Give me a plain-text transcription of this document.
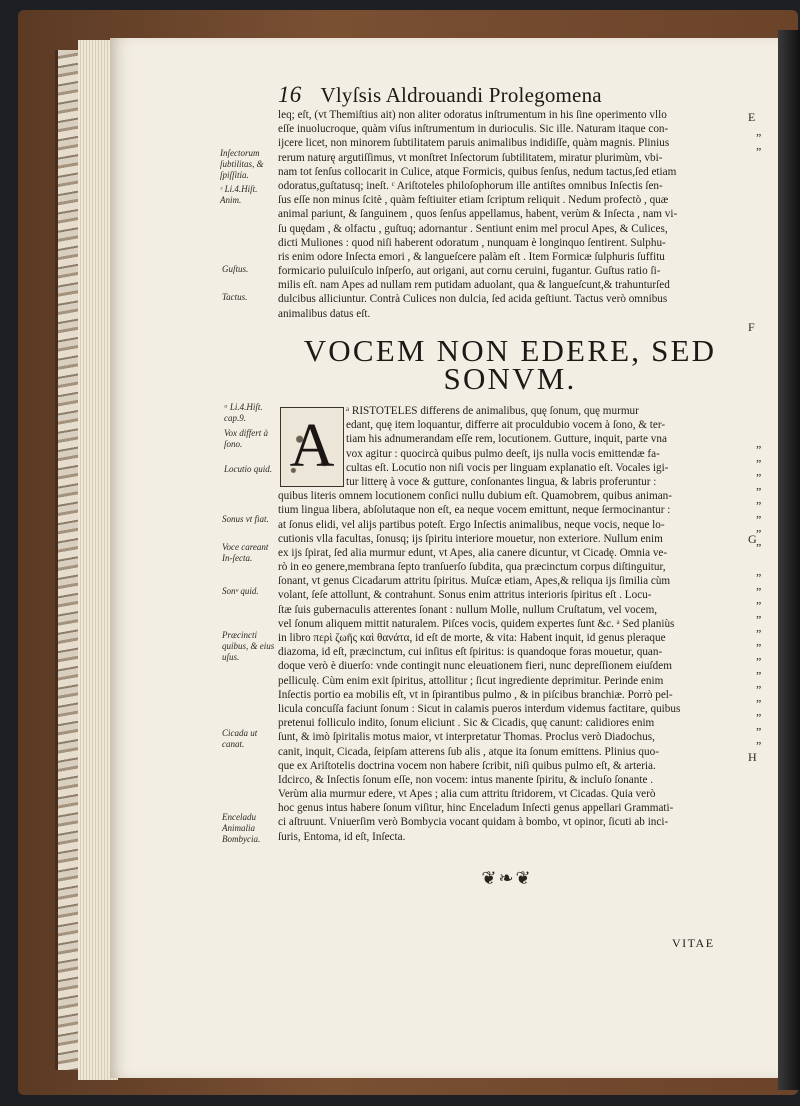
16 Vlyſsis Aldrouandi Prolegomena
leq; eſt, (vt Themiſtius ait) non aliter odoratus inſtrumentum in his ſine operimento vllo
eſſe inuolucroque, quàm viſus inſtrumentum in durioculis. Sic ille. Naturam itaque con-
ijcere licet, non minorem ſubtilitatem paruis animalibus indidiſſe, quàm magnis. Plinius
rerum naturę argutiſſimus, vt monſtret Inſectorum ſubtilitatem, miratur plurimùm, vbi-
nam tot ſenſus collocarit in Culice, atque Formicis, quibus ſenſus, nedum tactus,ſed etiam
odoratus,guſtatusq; ineſt. ᶜ Ariſtoteles philoſophorum ille antiſtes omnibus Inſectis ſen-
ſus eſſe non minus ſcitè , quàm feſtiuiter etiam ſcriptum reliquit . Nedum profectò , quæ
animal pariunt, & ſanguinem , quos ſenſus appellamus, habent, verùm & Inſecta , nam vi-
ſu quędam , & olfactu , guſtuq; adornantur . Sentiunt enim mel procul Apes, & Culices,
dicti Muliones : quod niſi haberent odoratum , nunquam è longinquo ſentirent. Sulphu-
ris enim odore Inſecta emori , & langueſcere palàm eſt . Item Formicæ ſulphuris ſuffitu
formicario puluiſculo inſperſo, aut origani, aut cornu ceruini, fugantur. Guſtus ratio ſi-
milis eſt. nam Apes ad nullam rem putidam aduolant, qua & langueſcunt,& trahunturſed
dulcibus alliciuntur. Contrà Culices non dulcia, ſed acida geſtiunt. Tactus verò omnibus
animalibus datus eſt.
VOCEM NON EDERE, SED
SONVM.
A
ᵃ RISTOTELES differens de animalibus, quę ſonum, quę murmur
edant, quę item loquantur, differre ait proculdubio vocem à ſono, & ter-
tiam his adnumerandam eſſe rem, locutionem. Gutture, inquit, parte vna
vox agitur : quocircà quibus pulmo deeſt, ijs nulla vocis emittendæ fa-
cultas eſt. Locutio non niſi vocis per linguam explanatio eſt. Vocales igi-
tur litterę à voce & gutture, conſonantes lingua, & labris proferuntur :
quibus literis omnem locutionem conſici nullu dubium eſt. Quamobrem, quibus animan-
tium lingua libera, abſolutaque non eſt, ea neque vocem emittunt, neque ſermocinantur :
at ſonus elidi, vel alijs partibus poteſt. Ergo Inſectis animalibus, neque vocis, neque lo-
cutionis vlla facultas, ſonusq; ijs ſpiritu interiore mouetur, non exteriore. Nullum enim
ex ijs ſpirat, ſed alia murmur edunt, vt Apes, alia canere dicuntur, vt Cicadę. Omnia ve-
rò in eo genere,membrana ſepto tranſuerſo ſubdita, qua præcinctum corpus diſtinguitur,
ſonant, vt genus Cicadarum attritu ſpiritus. Muſcæ etiam, Apes,& reliqua ijs ſimilia cùm
volant, ſeſe attollunt, & contrahunt. Sonus enim attritus interioris ſpiritus eſt . Locu-
ſtæ ſuis gubernaculis atterentes ſonant : nullum Molle, nullum Cruſtatum, vel vocem,
vel ſonum aliquem mittit naturalem. Piſces vocis, quidem expertes ſunt &c. ᵃ Sed planiùs
in libro περὶ ζωῆς καὶ θανάτα, id eſt de morte, & vita: Habent inquit, id genus pleraque
diazoma, id eſt, præcinctum, cui inſitus eſt ſpiritus: is quandoque foras mouetur, quan-
doque verò è diuerſo: vnde contingit nunc eleuationem fieri, nunc depreſſionem eiuſdem
pelliculę. Cùm enim exit ſpiritus, attollitur ; ſicut ingrediente deprimitur. Perinde enim
Inſectis portio ea mobilis eſt, vt in ſpirantibus pulmo , & in piſcibus branchiæ. Porrò pel-
licula concuſſa faciunt ſonum : Sicut in calamis pueros interdum videmus factitare, quibus
pretenui folliculo indito, ſonum eliciunt . Sic & Cicadis, quę canunt: calidiores enim
ſunt, & imò ſpiritalis motus maior, vt interpretatur Thomas. Proclus verò Diadochus,
canit, inquit, Cicada, ſeipſam atterens ſub alis , atque ita ſonum emittens. Plinius quo-
que ex Ariſtotelis doctrina vocem non habere ſcribit, niſi quibus pulmo eſt, & arteria.
Idcirco, & Inſectis ſonum eſſe, non vocem: intus manente ſpiritu, & incluſo ſonante .
Verùm alia murmur edere, vt Apes ; alia cum attritu ſtridorem, vt Cicadas. Quia verò
hoc genus intus habere ſonum viſitur, hinc Enceladum Inſecti genus appellari Grammati-
ci aſtruunt. Vniuerſim verò Bombycia vocant quidam à bombo, vt opinor, ſicuti ab inci-
ſuris, Entoma, id eſt, Inſecta.
Inſectorum ſubtilitas, & ſpiſſitia.
ᶜ Li.4.Hiſt. Anim.
Guſtus.
Tactus.
ᵃ Li.4.Hiſt. cap.9.
Vox differt à ſono.
Locutio quid.
Sonus vt fiat.
Voce careant In-ſecta.
Sonᵘ quid.
Præcincti quibus, & eius uſus.
Cicada ut canat.
Enceladu Animalia Bombycia.
E
F
G
H
„
„
„
„
„
„
„
„
„
„
„
„
„
„
„
„
„
„
„
„
„
„
„
❦❧❦
VITAE
